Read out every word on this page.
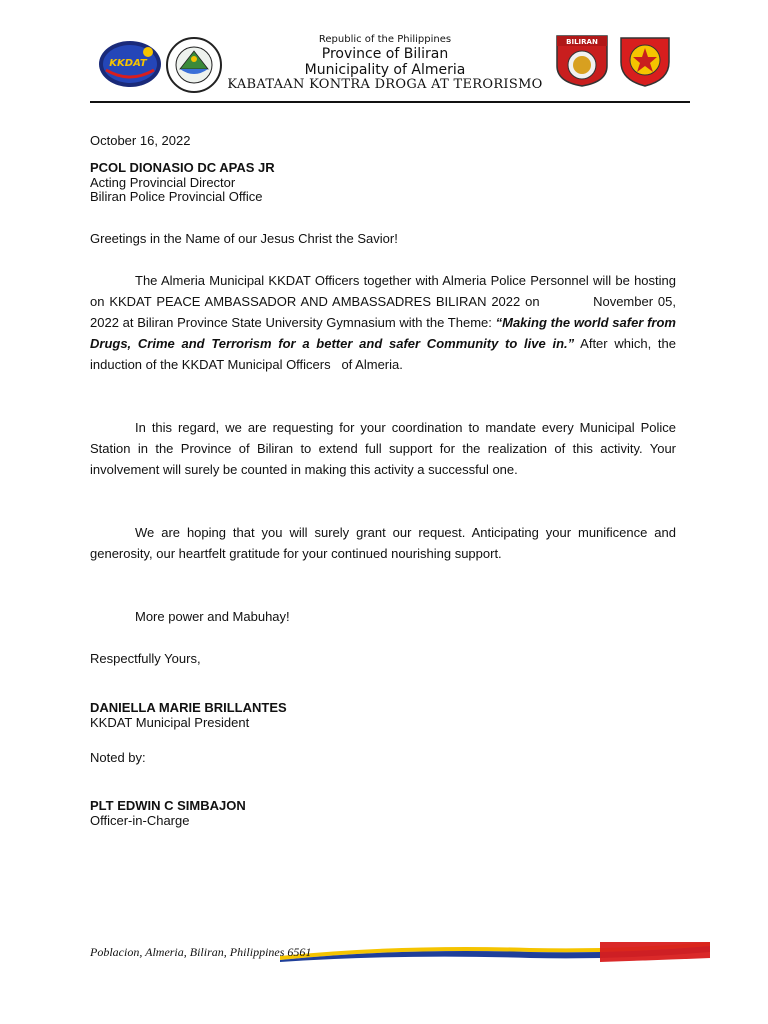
KKDAT
Republic of the Philippines
Province of Biliran
Municipality of Almeria
KABATAAN KONTRA DROGA AT TERORISMO
BILIRAN
October 16, 2022
PCOL DIONASIO DC APAS JR
Acting Provincial Director
Biliran Police Provincial Office
Greetings in the Name of our Jesus Christ the Savior!
The Almeria Municipal KKDAT Officers together with Almeria Police Personnel will be hosting on KKDAT PEACE AMBASSADOR AND AMBASSADRES BILIRAN 2022 on           November 05, 2022 at Biliran Province State University Gymnasium with the Theme: “Making the world safer from Drugs, Crime and Terrorism for a better and safer Community to live in.” After which, the induction of the KKDAT Municipal Officers   of Almeria.
In this regard, we are requesting for your coordination to mandate every Municipal Police Station in the Province of Biliran to extend full support for the realization of this activity. Your involvement will surely be counted in making this activity a successful one.
We are hoping that you will surely grant our request. Anticipating your munificence and generosity, our heartfelt gratitude for your continued nourishing support.
More power and Mabuhay!
Respectfully Yours,
DANIELLA MARIE BRILLANTES
KKDAT Municipal President
Noted by:
PLT EDWIN C SIMBAJON
Officer-in-Charge
Poblacion, Almeria, Biliran, Philippines 6561
